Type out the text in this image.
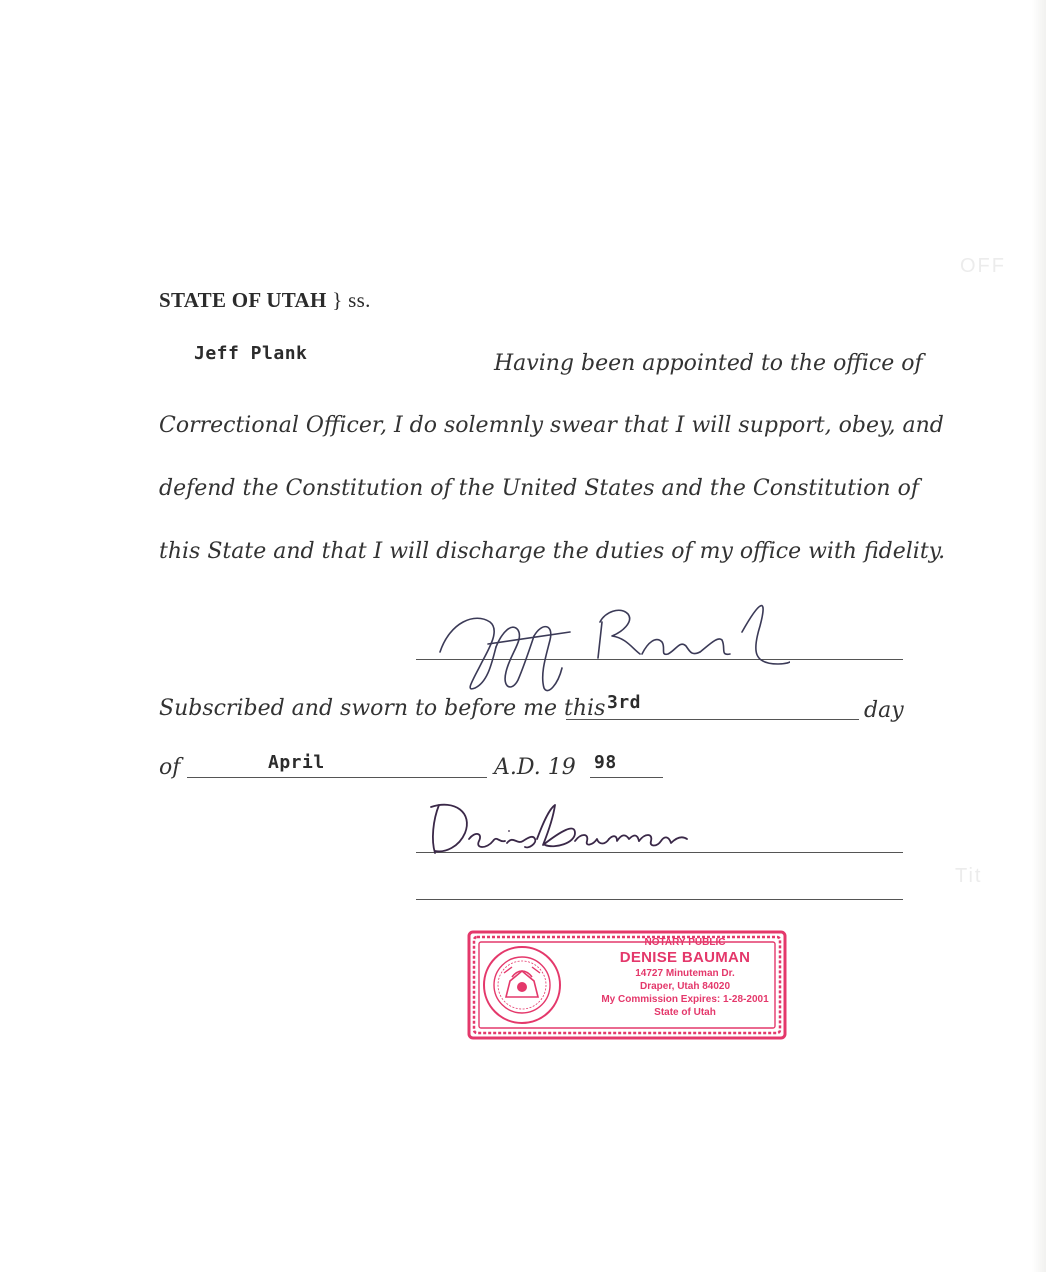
OFF
Tit
STATE OF UTAH } ss.
Jeff Plank	Having been appointed to the office of
Correctional Officer, I do solemnly swear that I will support, obey, and
defend the Constitution of the United States and the Constitution of
this State and that I will discharge the duties of my office with fidelity.
Subscribed and sworn to before me this 3rd	day
of	April	A.D. 19 98
NOTARY PUBLIC
DENISE BAUMAN
14727 Minuteman Dr.
Draper, Utah 84020
My Commission Expires: 1-28-2001
State of Utah
